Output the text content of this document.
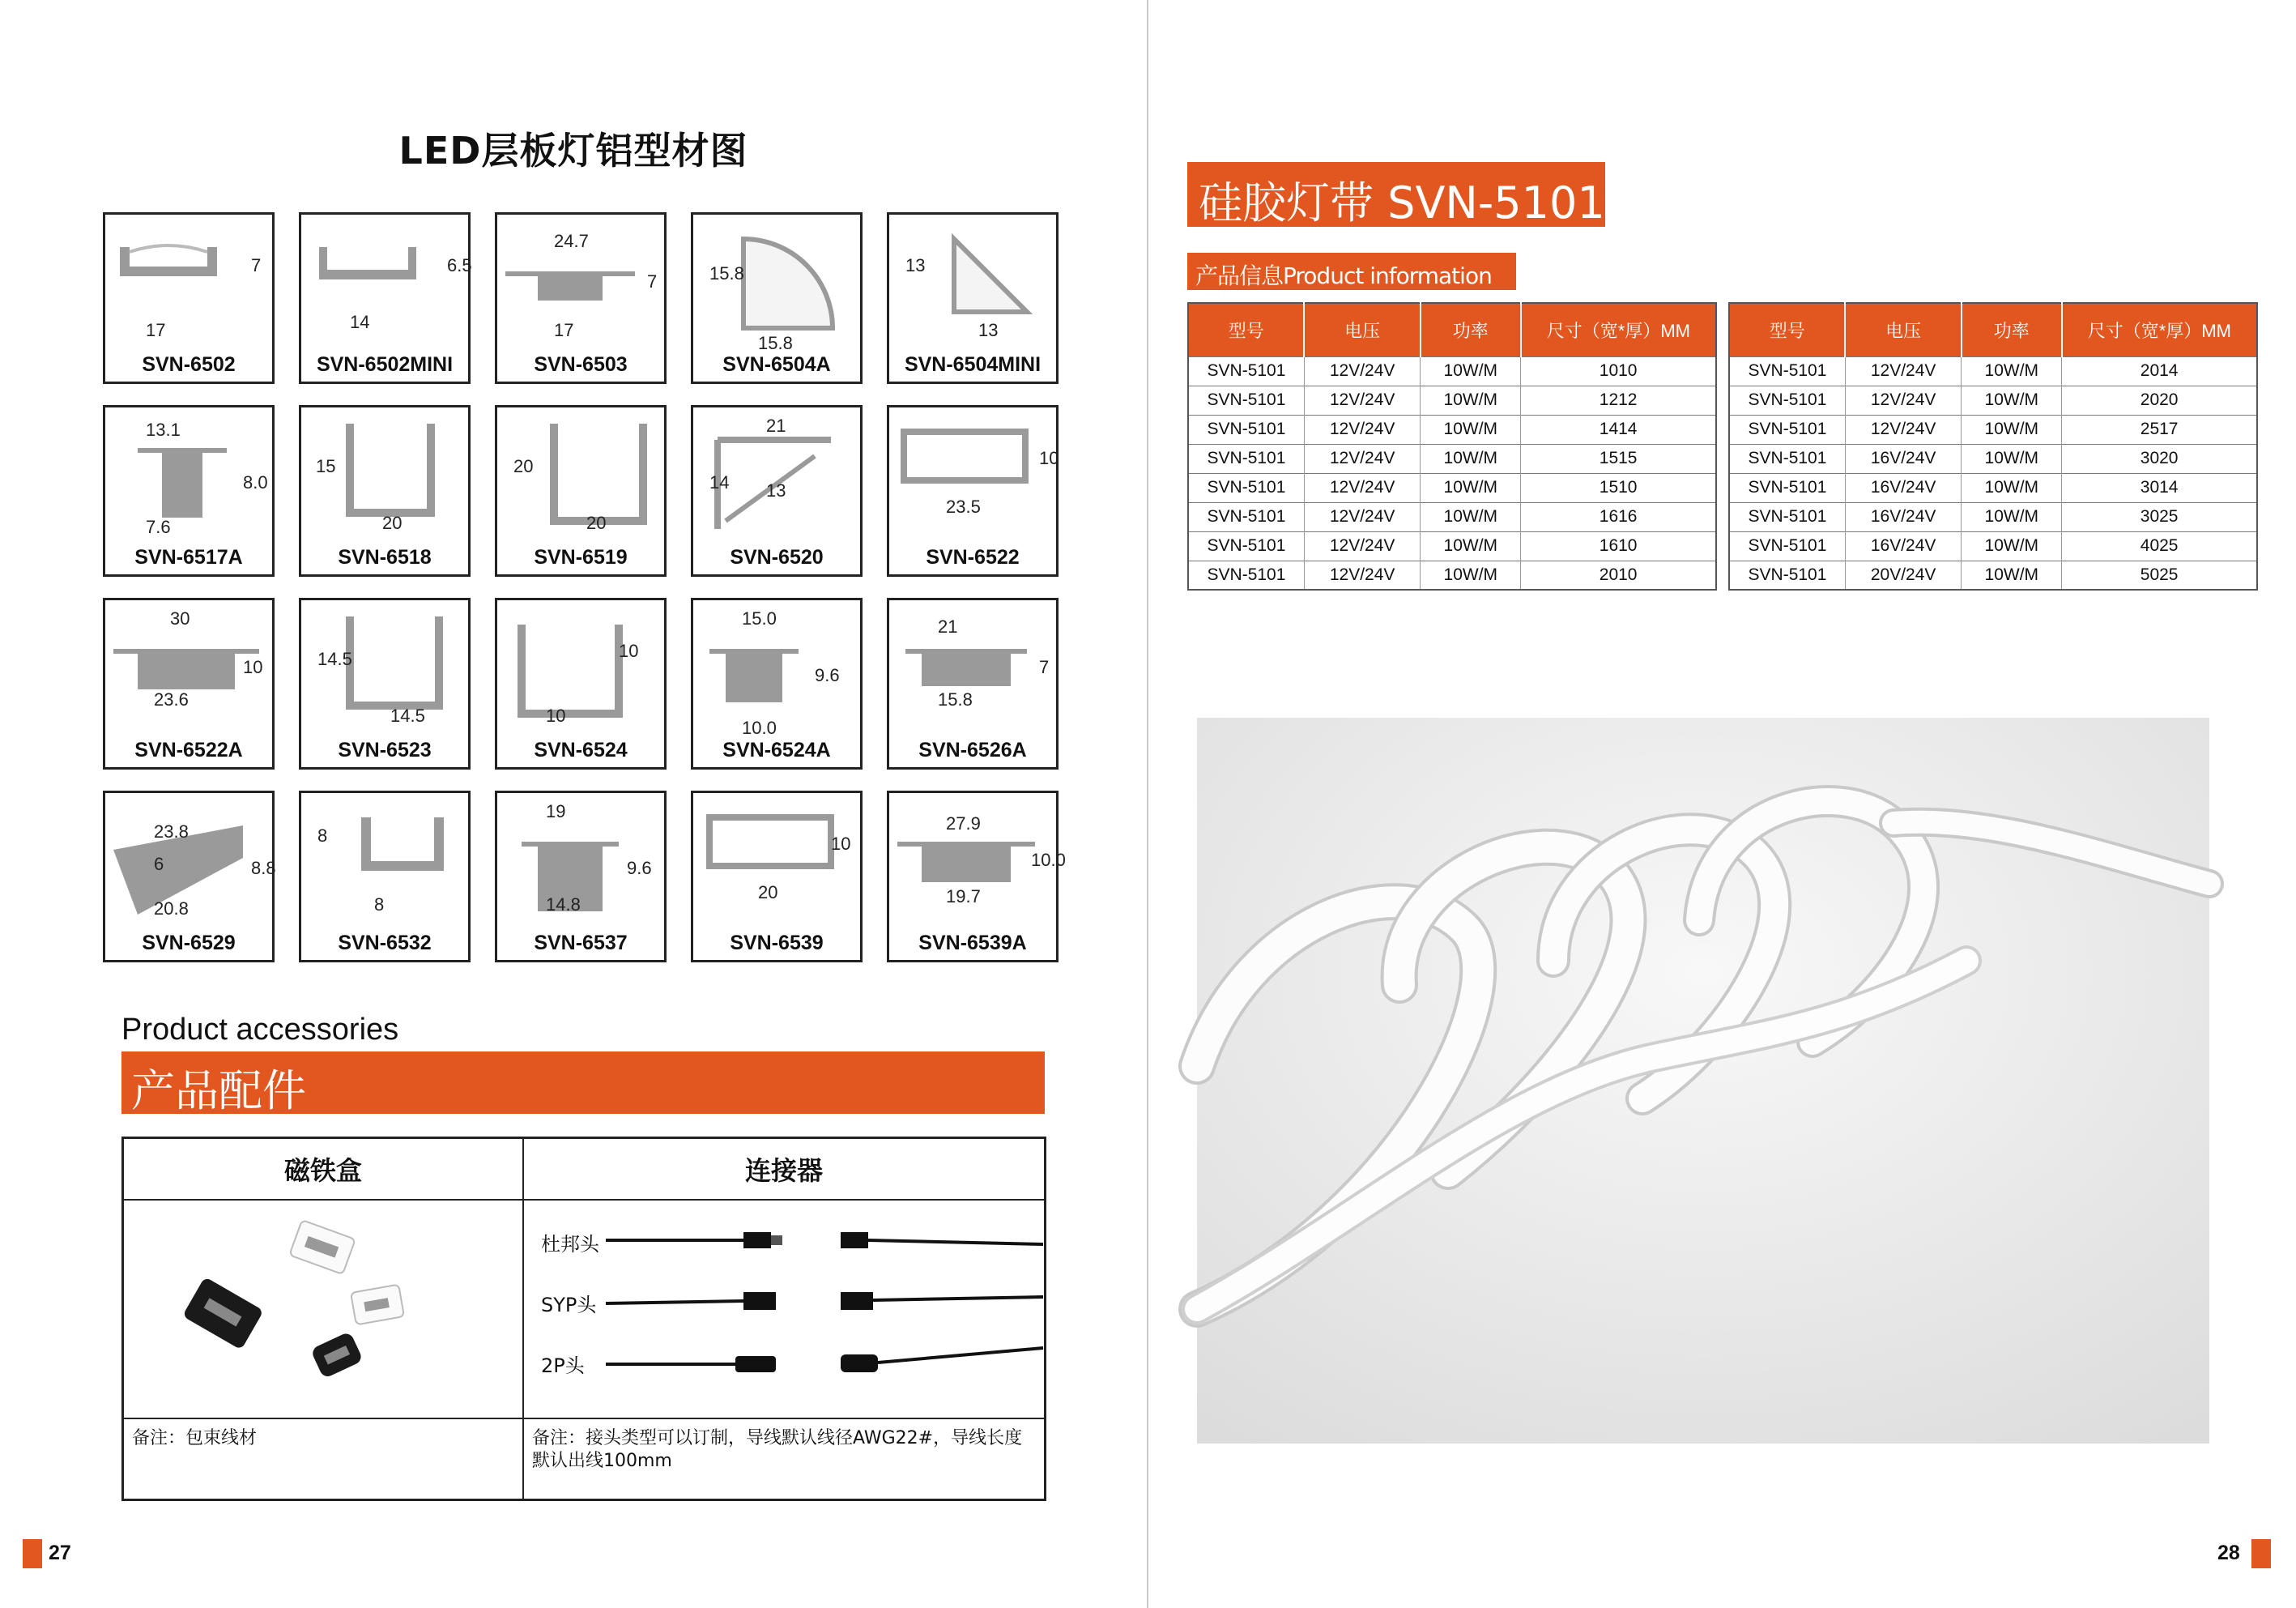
LED层板灯铝型材图
17
7
SVN-6502
14
6.5
SVN-6502MINI
24.7
17
7
SVN-6503
15.8
15.8
SVN-6504A
13
13
SVN-6504MINI
13.1
8.0
7.6
SVN-6517A
15
20
SVN-6518
20
20
SVN-6519
21
14 13
SVN-6520
23.5
10
SVN-6522
30
23.6
10
SVN-6522A
14.5
14.5
SVN-6523
10
10
SVN-6524
15.0
9.6
10.0
SVN-6524A
21
15.8
7
SVN-6526A
23.8
20.8
8.8
6
SVN-6529
8
8
SVN-6532
19
14.8
9.6
SVN-6537
20
10
SVN-6539
27.9
19.7
10.0
SVN-6539A
Product accessories
产品配件
磁铁盒	连接器
杜邦头
SYP头
2P头
备注：包束线材	备注：接头类型可以订制，导线默认线径AWG22#，导线长度
默认出线100mm
27
硅胶灯带 SVN-5101
产品信息Product information
型号	电压	功率	尺寸（宽*厚）MM
SVN-5101	12V/24V	10W/M	1010
SVN-5101	12V/24V	10W/M	1212
SVN-5101	12V/24V	10W/M	1414
SVN-5101	12V/24V	10W/M	1515
SVN-5101	12V/24V	10W/M	1510
SVN-5101	12V/24V	10W/M	1616
SVN-5101	12V/24V	10W/M	1610
SVN-5101	12V/24V	10W/M	2010
型号	电压	功率	尺寸（宽*厚）MM
SVN-5101	12V/24V	10W/M	2014
SVN-5101	12V/24V	10W/M	2020
SVN-5101	12V/24V	10W/M	2517
SVN-5101	16V/24V	10W/M	3020
SVN-5101	16V/24V	10W/M	3014
SVN-5101	16V/24V	10W/M	3025
SVN-5101	16V/24V	10W/M	4025
SVN-5101	20V/24V	10W/M	5025
28
